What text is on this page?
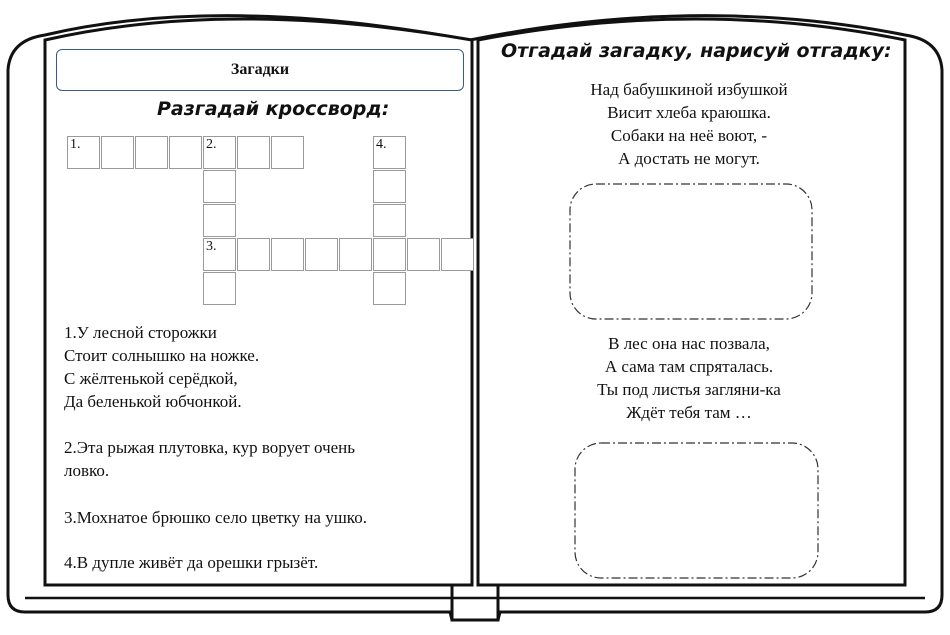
Загадки
Разгадай кроссворд:
1.	2.
3.
4.
1.У лесной сторожки
Стоит солнышко на ножке.
С жёлтенькой серёдкой,
Да беленькой юбчонкой.
2.Эта рыжая плутовка, кур ворует очень
ловко.
3.Мохнатое брюшко село цветку на ушко.
4.В дупле живёт да орешки грызёт.
Отгадай загадку, нарисуй отгадку:
Над бабушкиной избушкой
Висит хлеба краюшка.
Собаки на неё воют, -
А достать не могут.
В лес она нас позвала,
А сама там спряталась.
Ты под листья загляни-ка
Ждёт тебя там …
